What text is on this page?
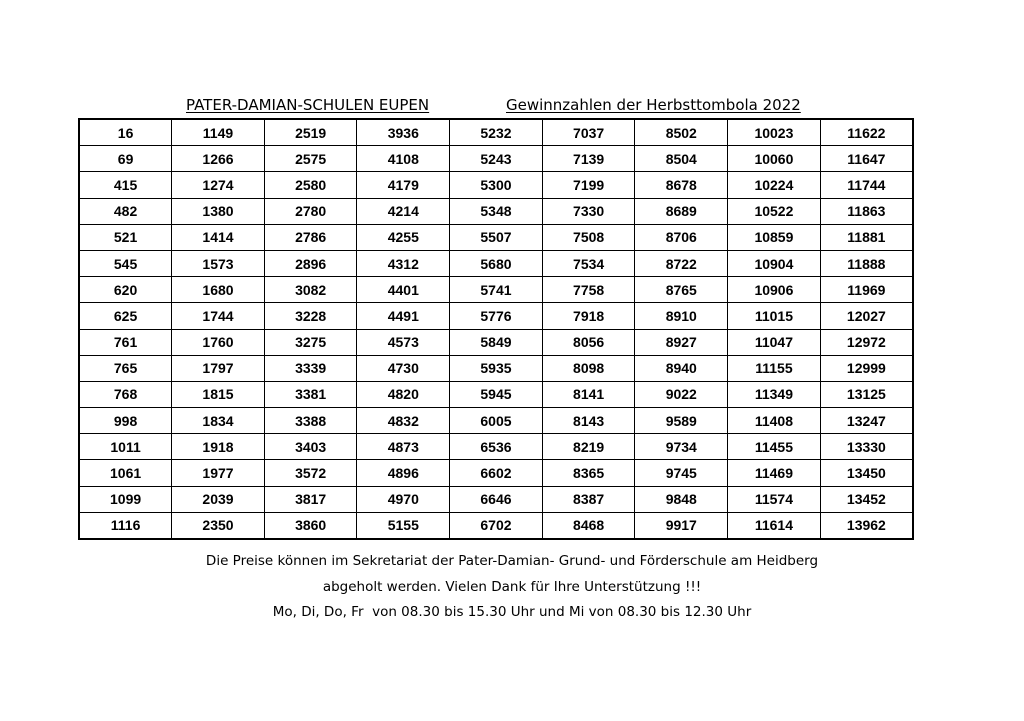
PATER-DAMIAN-SCHULEN EUPEN	Gewinnzahlen der Herbsttombola 2022
16	1149	2519	3936	5232	7037	8502	10023	11622
69	1266	2575	4108	5243	7139	8504	10060	11647
415	1274	2580	4179	5300	7199	8678	10224	11744
482	1380	2780	4214	5348	7330	8689	10522	11863
521	1414	2786	4255	5507	7508	8706	10859	11881
545	1573	2896	4312	5680	7534	8722	10904	11888
620	1680	3082	4401	5741	7758	8765	10906	11969
625	1744	3228	4491	5776	7918	8910	11015	12027
761	1760	3275	4573	5849	8056	8927	11047	12972
765	1797	3339	4730	5935	8098	8940	11155	12999
768	1815	3381	4820	5945	8141	9022	11349	13125
998	1834	3388	4832	6005	8143	9589	11408	13247
1011	1918	3403	4873	6536	8219	9734	11455	13330
1061	1977	3572	4896	6602	8365	9745	11469	13450
1099	2039	3817	4970	6646	8387	9848	11574	13452
1116	2350	3860	5155	6702	8468	9917	11614	13962

Die Preise können im Sekretariat der Pater-Damian- Grund- und Förderschule am Heidberg

abgeholt werden. Vielen Dank für Ihre Unterstützung !!!

Mo, Di, Do, Fr  von 08.30 bis 15.30 Uhr und Mi von 08.30 bis 12.30 Uhr
